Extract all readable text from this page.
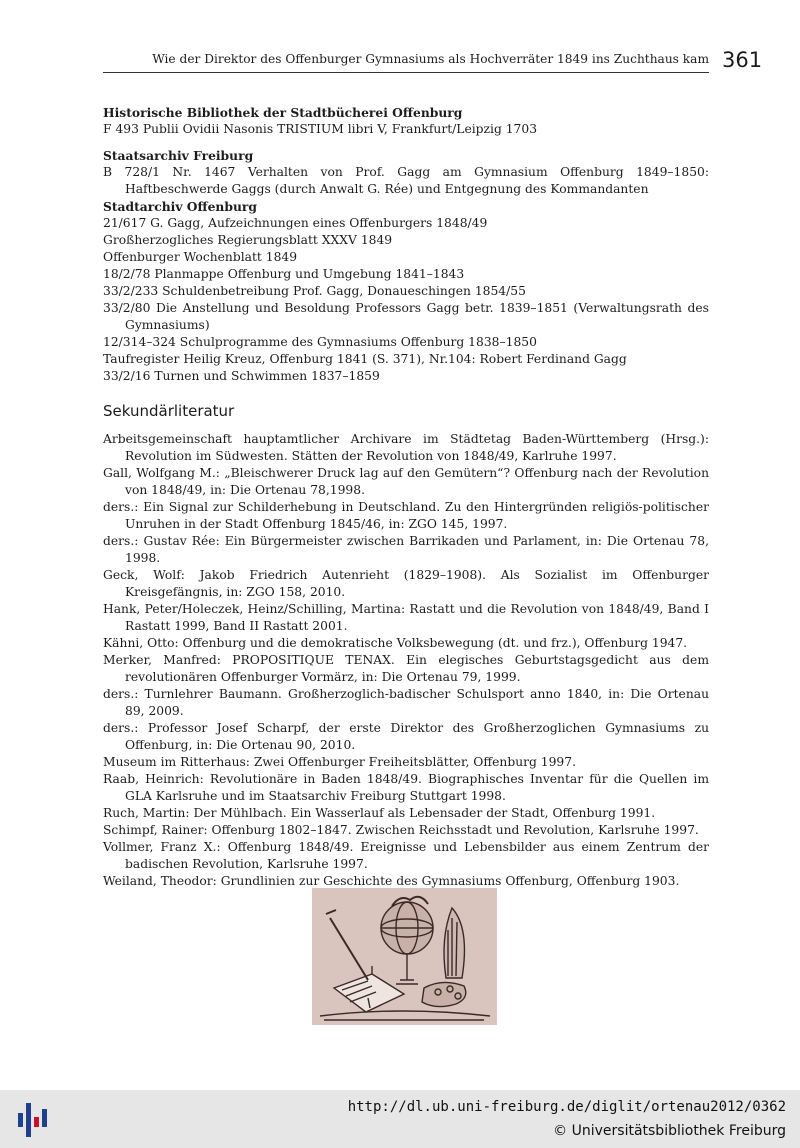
Wie der Direktor des Offenburger Gymnasiums als Hochverräter 1849 ins Zuchthaus kam 361
Historische Bibliothek der Stadtbücherei Offenburg
F 493 Publii Ovidii Nasonis TRISTIUM libri V, Frankfurt/Leipzig 1703
Staatsarchiv Freiburg
B 728/1 Nr. 1467 Verhalten von Prof. Gagg am Gymnasium Offenburg 1849–1850: Haftbeschwerde Gaggs (durch Anwalt G. Rée) und Entgegnung des Kommandanten
Stadtarchiv Offenburg
21/617 G. Gagg, Aufzeichnungen eines Offenburgers 1848/49
Großherzogliches Regierungsblatt XXXV 1849
Offenburger Wochenblatt 1849
18/2/78 Planmappe Offenburg und Umgebung 1841–1843
33/2/233 Schuldenbetreibung Prof. Gagg, Donaueschingen 1854/55
33/2/80 Die Anstellung und Besoldung Professors Gagg betr. 1839–1851 (Verwaltungsrath des Gymnasiums)
12/314–324 Schulprogramme des Gymnasiums Offenburg 1838–1850
Taufregister Heilig Kreuz, Offenburg 1841 (S. 371), Nr.104: Robert Ferdinand Gagg
33/2/16 Turnen und Schwimmen 1837–1859
Sekundärliteratur
Arbeitsgemeinschaft hauptamtlicher Archivare im Städtetag Baden-Württemberg (Hrsg.): Revolution im Südwesten. Stätten der Revolution von 1848/49, Karlruhe 1997.
Gall, Wolfgang M.: „Bleischwerer Druck lag auf den Gemütern“? Offenburg nach der Revolution von 1848/49, in: Die Ortenau 78,1998.
ders.: Ein Signal zur Schilderhebung in Deutschland. Zu den Hintergründen religiös-politischer Unruhen in der Stadt Offenburg 1845/46, in: ZGO 145, 1997.
ders.: Gustav Rée: Ein Bürgermeister zwischen Barrikaden und Parlament, in: Die Ortenau 78, 1998.
Geck, Wolf: Jakob Friedrich Autenrieht (1829–1908). Als Sozialist im Offenburger Kreisgefängnis, in: ZGO 158, 2010.
Hank, Peter/Holeczek, Heinz/Schilling, Martina: Rastatt und die Revolution von 1848/49, Band I Rastatt 1999, Band II Rastatt 2001.
Kähni, Otto: Offenburg und die demokratische Volksbewegung (dt. und frz.), Offenburg 1947.
Merker, Manfred: PROPOSITIQUE TENAX. Ein elegisches Geburtstagsgedicht aus dem revolutionären Offenburger Vormärz, in: Die Ortenau 79, 1999.
ders.: Turnlehrer Baumann. Großherzoglich-badischer Schulsport anno 1840, in: Die Ortenau 89, 2009.
ders.: Professor Josef Scharpf, der erste Direktor des Großherzoglichen Gymnasiums zu Offenburg, in: Die Ortenau 90, 2010.
Museum im Ritterhaus: Zwei Offenburger Freiheitsblätter, Offenburg 1997.
Raab, Heinrich: Revolutionäre in Baden 1848/49. Biographisches Inventar für die Quellen im GLA Karlsruhe und im Staatsarchiv Freiburg Stuttgart 1998.
Ruch, Martin: Der Mühlbach. Ein Wasserlauf als Lebensader der Stadt, Offenburg 1991.
Schimpf, Rainer: Offenburg 1802–1847. Zwischen Reichsstadt und Revolution, Karlsruhe 1997.
Vollmer, Franz X.: Offenburg 1848/49. Ereignisse und Lebensbilder aus einem Zentrum der badischen Revolution, Karlsruhe 1997.
Weiland, Theodor: Grundlinien zur Geschichte des Gymnasiums Offenburg, Offenburg 1903.
http://dl.ub.uni-freiburg.de/diglit/ortenau2012/0362
© Universitätsbibliothek Freiburg
